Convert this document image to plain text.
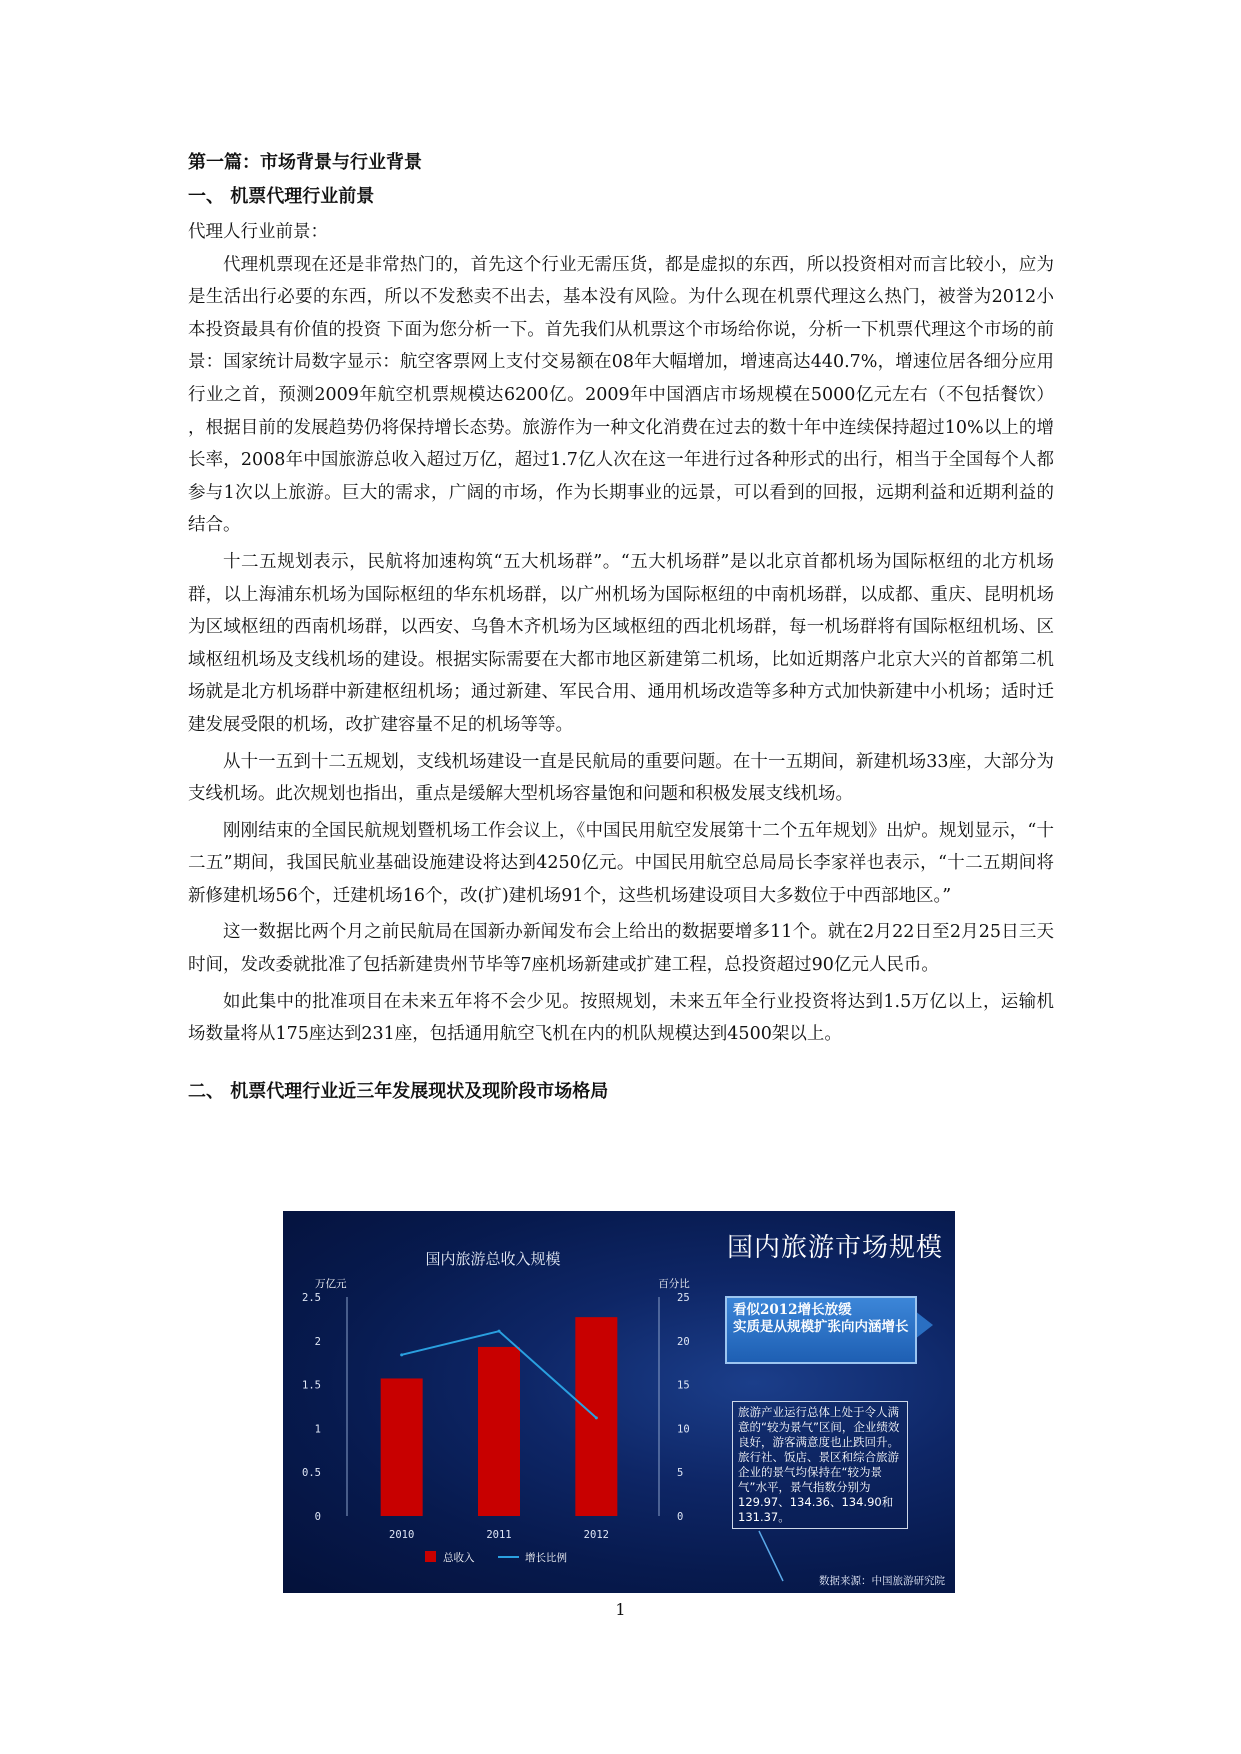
第一篇：市场背景与行业背景

一、 机票代理行业前景

代理人行业前景：

代理机票现在还是非常热门的，首先这个行业无需压货，都是虚拟的东西，所以投资相对而言比较小，应为是生活出行必要的东西，所以不发愁卖不出去，基本没有风险。为什么现在机票代理这么热门，被誉为2012小本投资最具有价值的投资 下面为您分析一下。首先我们从机票这个市场给你说，分析一下机票代理这个市场的前景：国家统计局数字显示：航空客票网上支付交易额在08年大幅增加，增速高达440.7%，增速位居各细分应用行业之首，预测2009年航空机票规模达6200亿。2009年中国酒店市场规模在5000亿元左右（不包括餐饮） ，根据目前的发展趋势仍将保持增长态势。旅游作为一种文化消费在过去的数十年中连续保持超过10%以上的增长率，2008年中国旅游总收入超过万亿，超过1.7亿人次在这一年进行过各种形式的出行，相当于全国每个人都参与1次以上旅游。巨大的需求，广阔的市场，作为长期事业的远景，可以看到的回报，远期利益和近期利益的结合。

十二五规划表示，民航将加速构筑“五大机场群”。“五大机场群”是以北京首都机场为国际枢纽的北方机场群，以上海浦东机场为国际枢纽的华东机场群，以广州机场为国际枢纽的中南机场群，以成都、重庆、昆明机场为区域枢纽的西南机场群，以西安、乌鲁木齐机场为区域枢纽的西北机场群，每一机场群将有国际枢纽机场、区域枢纽机场及支线机场的建设。根据实际需要在大都市地区新建第二机场，比如近期落户北京大兴的首都第二机场就是北方机场群中新建枢纽机场；通过新建、军民合用、通用机场改造等多种方式加快新建中小机场；适时迁建发展受限的机场，改扩建容量不足的机场等等。

从十一五到十二五规划，支线机场建设一直是民航局的重要问题。在十一五期间，新建机场33座，大部分为支线机场。此次规划也指出，重点是缓解大型机场容量饱和问题和积极发展支线机场。

刚刚结束的全国民航规划暨机场工作会议上，《中国民用航空发展第十二个五年规划》出炉。规划显示，“十二五”期间，我国民航业基础设施建设将达到4250亿元。中国民用航空总局局长李家祥也表示，“十二五期间将新修建机场56个，迁建机场16个，改(扩)建机场91个，这些机场建设项目大多数位于中西部地区。”

这一数据比两个月之前民航局在国新办新闻发布会上给出的数据要增多11个。就在2月22日至2月25日三天时间，发改委就批准了包括新建贵州节毕等7座机场新建或扩建工程，总投资超过90亿元人民币。

如此集中的批准项目在未来五年将不会少见。按照规划，未来五年全行业投资将达到1.5万亿以上，运输机场数量将从175座达到231座，包括通用航空飞机在内的机队规模达到4500架以上。

二、 机票代理行业近三年发展现状及现阶段市场格局

国内旅游总收入规模
万亿元	百分比
0
0.5
1
1.5
2
2.5
0
5
10
15
20
25
2010	2011	2012
总收入	增长比例
国内旅游市场规模
看似2012增长放缓
实质是从规模扩张向内涵增长
旅游产业运行总体上处于令人满意的“较为景气”区间，企业绩效良好，游客满意度也止跌回升。旅行社、饭店、景区和综合旅游企业的景气均保持在“较为景气”水平，景气指数分别为129.97、134.36、134.90和131.37。
数据来源：中国旅游研究院
1
